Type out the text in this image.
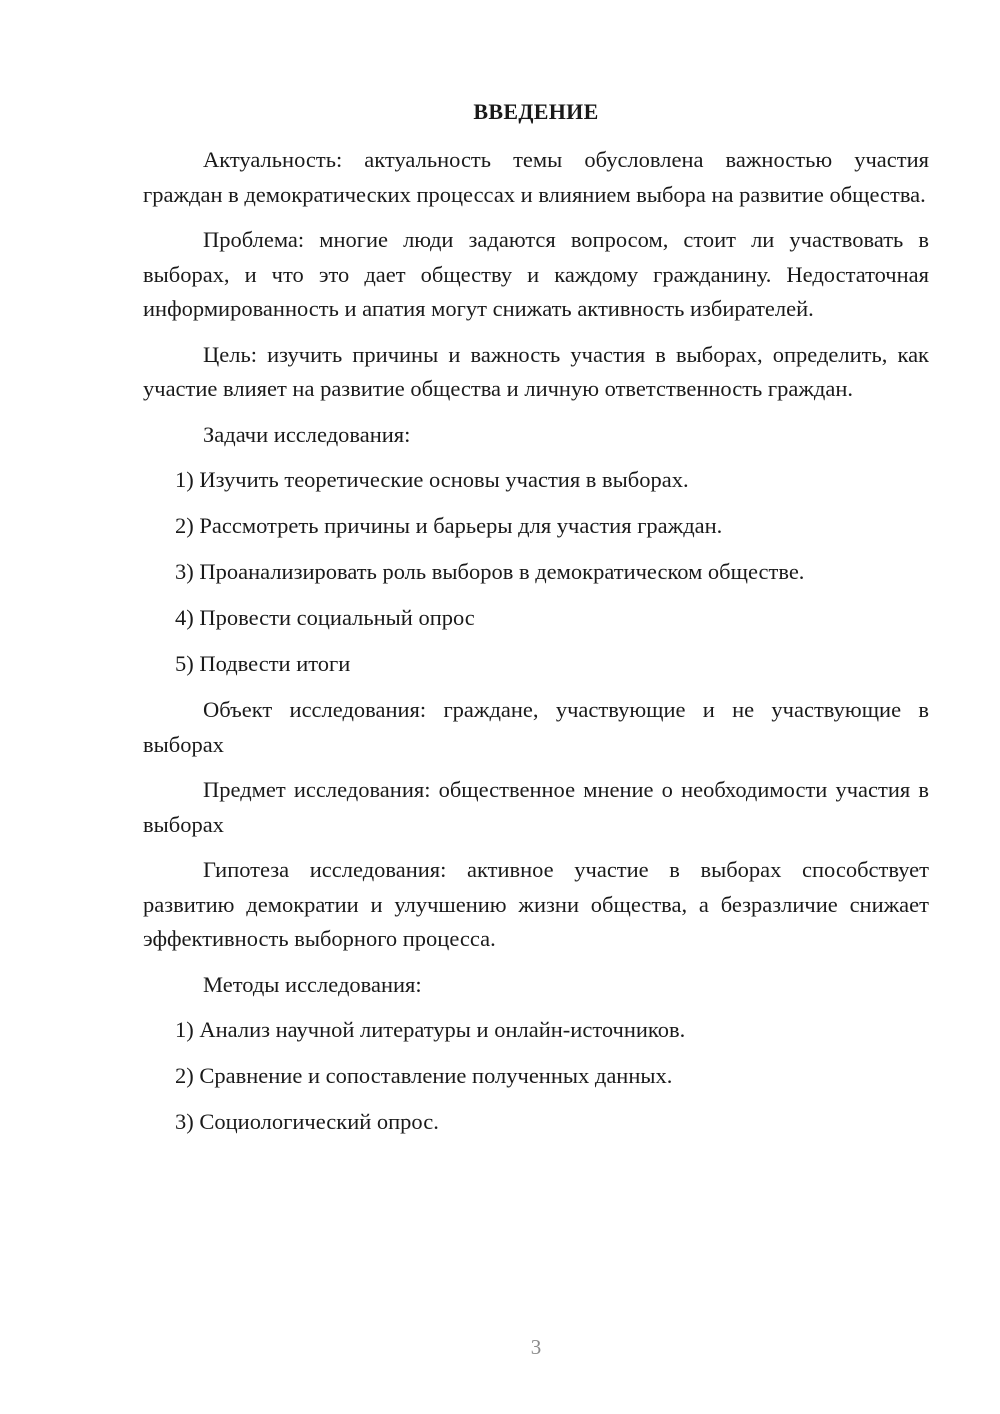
ВВЕДЕНИЕ

Актуальность: актуальность темы обусловлена важностью участия граждан в демократических процессах и влиянием выбора на развитие общества.

Проблема: многие люди задаются вопросом, стоит ли участвовать в выборах, и что это дает обществу и каждому гражданину. Недостаточная информированность и апатия могут снижать активность избирателей.

Цель: изучить причины и важность участия в выборах, определить, как участие влияет на развитие общества и личную ответственность граждан.

Задачи исследования:

1) Изучить теоретические основы участия в выборах.
2) Рассмотреть причины и барьеры для участия граждан.
3) Проанализировать роль выборов в демократическом обществе.
4) Провести социальный опрос
5) Подвести итоги

Объект исследования: граждане, участвующие и не участвующие в выборах

Предмет исследования: общественное мнение о необходимости участия в выборах

Гипотеза исследования: активное участие в выборах способствует развитию демократии и улучшению жизни общества, а безразличие снижает эффективность выборного процесса.

Методы исследования:

1) Анализ научной литературы и онлайн-источников.
2) Сравнение и сопоставление полученных данных.
3) Социологический опрос.
3
